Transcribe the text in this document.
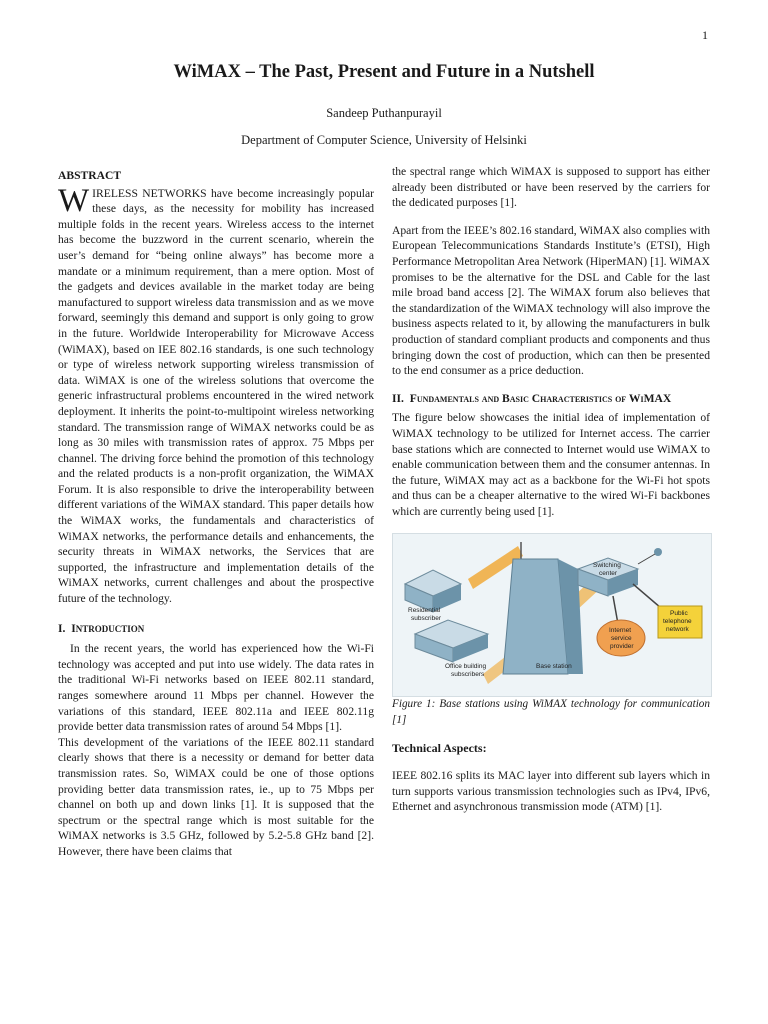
1
WiMAX – The Past, Present and Future in a Nutshell
Sandeep Puthanpurayil
Department of Computer Science, University of Helsinki
ABSTRACT

WIRELESS NETWORKS have become increasingly popular these days, as the necessity for mobility has increased multiple folds in the recent years. Wireless access to the internet has become the buzzword in the current scenario, wherein the user’s demand for “being online always” has become more a mandate or a minimum requirement, than a mere option. Most of the gadgets and devices available in the market today are being manufactured to support wireless data transmission and as we move forward, seemingly this demand and support is only going to grow in the future. Worldwide Interoperability for Microwave Access (WiMAX), based on IEE 802.16 standards, is one such technology or type of wireless network supporting wireless transmission of data. WiMAX is one of the wireless solutions that overcome the generic infrastructural problems encountered in the wired network deployment. It inherits the point-to-multipoint wireless networking standard. The transmission range of WiMAX networks could be as long as 30 miles with transmission rates of approx. 75 Mbps per channel. The driving force behind the promotion of this technology and the related products is a non-profit organization, the WiMAX Forum. It is also responsible to drive the interoperability between different variations of the WiMAX standard. This paper details how the WiMAX works, the fundamentals and characteristics of WiMAX networks, the performance details and enhancements, the security threats in WiMAX networks, the Services that are supported, the infrastructure and implementation details of the WiMAX networks, current challenges and about the prospective future of the technology.

I. INTRODUCTION

In the recent years, the world has experienced how the Wi-Fi technology was accepted and put into use widely. The data rates in the traditional Wi-Fi networks based on IEEE 802.11 standard, ranges somewhere around 11 Mbps per channel. However the variations of this standard, IEEE 802.11a and IEEE 802.11g provide better data transmission rates of around 54 Mbps [1].

This development of the variations of the IEEE 802.11 standard clearly shows that there is a necessity or demand for better data transmission rates. So, WiMAX could be one of those options providing better data transmission rates, ie., up to 75 Mbps per channel on both up and down links [1]. It is supposed that the spectrum or the spectral range which is most suitable for the WiMAX networks is 3.5 GHz, followed by 5.2-5.8 GHz band [2]. However, there have been claims that

the spectral range which WiMAX is supposed to support has either already been distributed or have been reserved by the carriers for the dedicated purposes [1].

Apart from the IEEE’s 802.16 standard, WiMAX also complies with European Telecommunications Standards Institute’s (ETSI), High Performance Metropolitan Area Network (HiperMAN) [1]. WiMAX promises to be the alternative for the DSL and Cable for the last mile broad band access [2]. The WiMAX forum also believes that the standardization of the WiMAX technology will also improve the business aspects related to it, by allowing the manufacturers in bulk production of standard compliant products and components and thus bringing down the cost of production, which can then be presented to the end consumer as a price deduction.

II. Fundamentals and Basic Characteristics of WiMAX

The figure below showcases the initial idea of implementation of WiMAX technology to be utilized for Internet access. The carrier base stations which are connected to Internet would use WiMAX to enable communication between them and the consumer antennas. In the future, WiMAX may act as a backbone for the Wi-Fi hot spots and thus can be a cheaper alternative to the wired Wi-Fi backbones which are currently being used [1].

Residential
subscriber
Office building
subscribers
Base station
Switching
center
Internet
service
provider
Public
telephone
network

Figure 1: Base stations using WiMAX technology for communication [1]

Technical Aspects:

IEEE 802.16 splits its MAC layer into different sub layers which in turn supports various transmission technologies such as IPv4, IPv6, Ethernet and asynchronous transmission mode (ATM) [1].
